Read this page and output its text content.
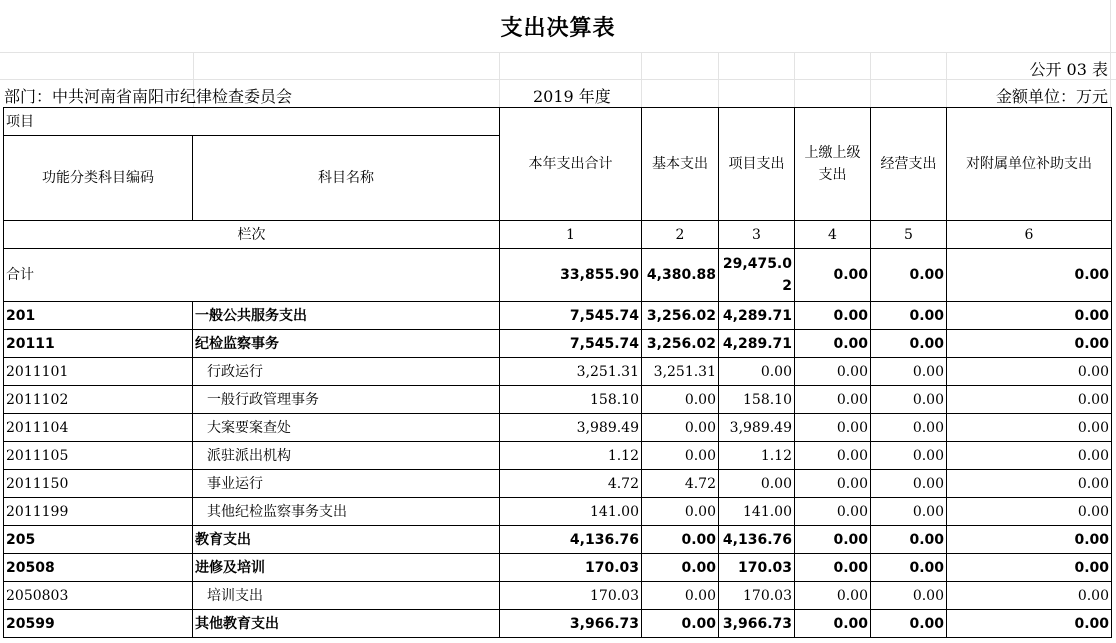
支出决算表
公开 03 表
部门：中共河南省南阳市纪律检查委员会	2019 年度	金额单位：万元
项目		本年支出合计	基本支出	项目支出	上缴上级支出	经营支出	对附属单位补助支出
功能分类科目编码	科目名称						
栏次		1	2	3	4	5	6
合计		33,855.90	4,380.88	29,475.02	0.00	0.00	0.00
201	一般公共服务支出	7,545.74	3,256.02	4,289.71	0.00	0.00	0.00
20111	纪检监察事务	7,545.74	3,256.02	4,289.71	0.00	0.00	0.00
2011101	行政运行	3,251.31	3,251.31	0.00	0.00	0.00	0.00
2011102	一般行政管理事务	158.10	0.00	158.10	0.00	0.00	0.00
2011104	大案要案查处	3,989.49	0.00	3,989.49	0.00	0.00	0.00
2011105	派驻派出机构	1.12	0.00	1.12	0.00	0.00	0.00
2011150	事业运行	4.72	4.72	0.00	0.00	0.00	0.00
2011199	其他纪检监察事务支出	141.00	0.00	141.00	0.00	0.00	0.00
205	教育支出	4,136.76	0.00	4,136.76	0.00	0.00	0.00
20508	进修及培训	170.03	0.00	170.03	0.00	0.00	0.00
2050803	培训支出	170.03	0.00	170.03	0.00	0.00	0.00
20599	其他教育支出	3,966.73	0.00	3,966.73	0.00	0.00	0.00
